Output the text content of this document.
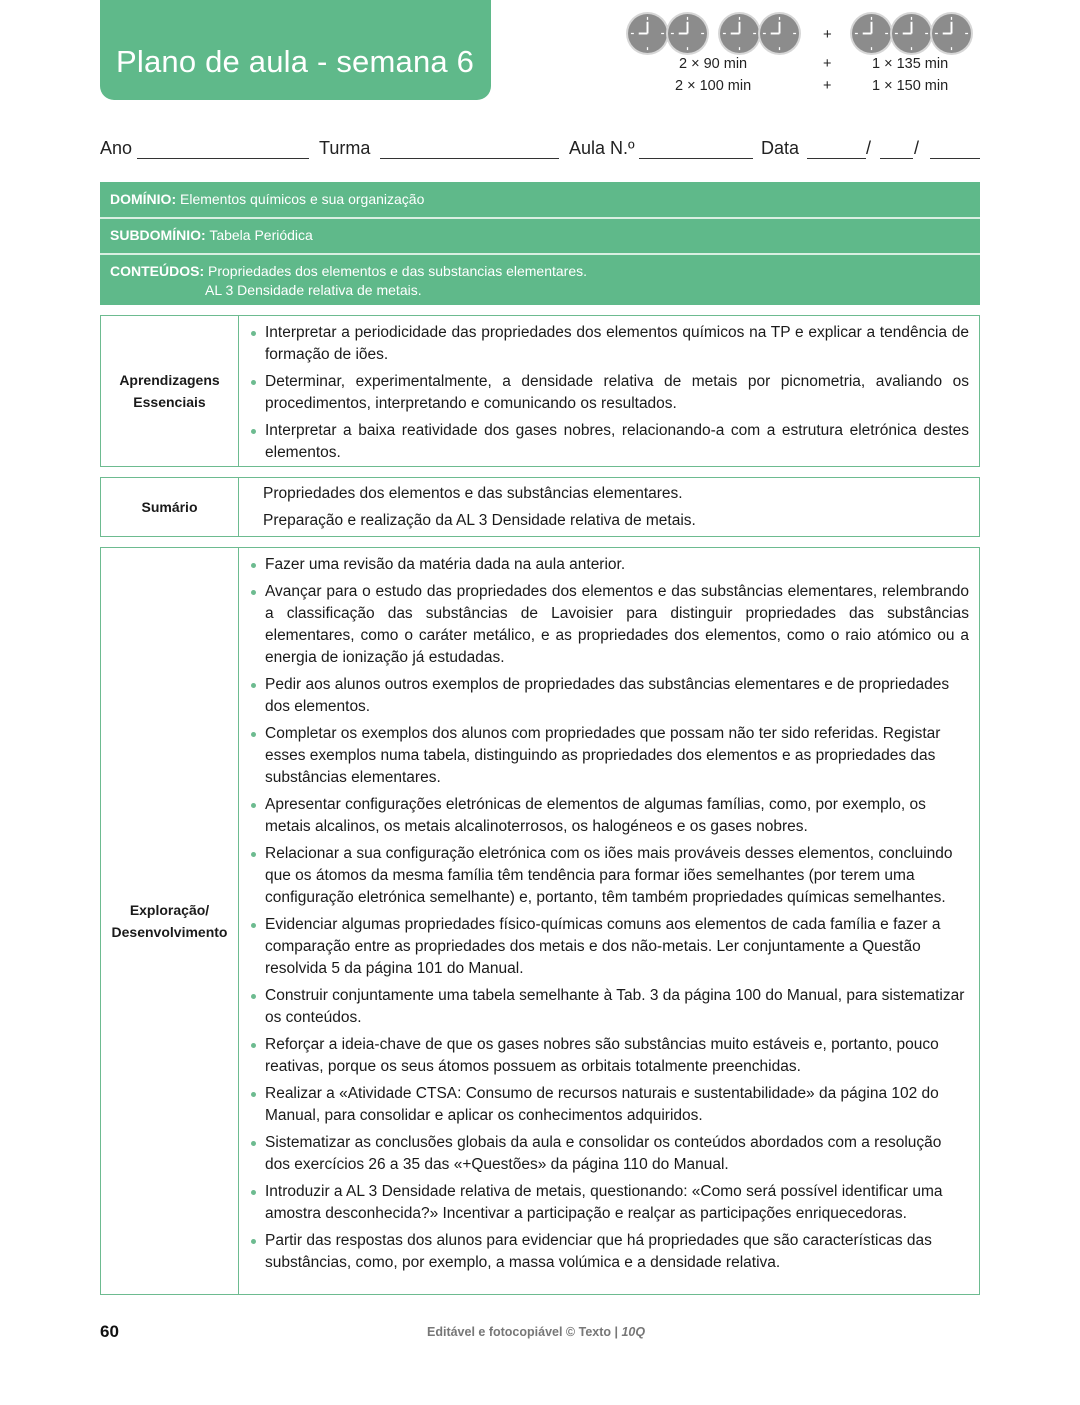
Plano de aula - semana 6
+
2 × 90 min	+	1 × 135 min
2 × 100 min	+	1 × 150 min
Ano	Turma	Aula N.º	Data	/ /
DOMÍNIO: Elementos químicos e sua organização
SUBDOMÍNIO: Tabela Periódica
CONTEÚDOS: Propriedades dos elementos e das substancias elementares.
AL 3 Densidade relativa de metais.
Aprendizagens
Essenciais
Interpretar a periodicidade das propriedades dos elementos químicos na TP e explicar a tendência de formação de iões.
Determinar, experimentalmente, a densidade relativa de metais por picnometria, avaliando os procedimentos, interpretando e comunicando os resultados.
Interpretar a baixa reatividade dos gases nobres, relacionando-a com a estrutura eletrónica destes elementos.
Sumário
Propriedades dos elementos e das substâncias elementares.
Preparação e realização da AL 3 Densidade relativa de metais.
Exploração/
Desenvolvimento
Fazer uma revisão da matéria dada na aula anterior.
Avançar para o estudo das propriedades dos elementos e das substâncias elementares, relembrando a classificação das substâncias de Lavoisier para distinguir propriedades das substâncias elementares, como o caráter metálico, e as propriedades dos elementos, como o raio atómico ou a energia de ionização já estudadas.
Pedir aos alunos outros exemplos de propriedades das substâncias elementares e de propriedades dos elementos.
Completar os exemplos dos alunos com propriedades que possam não ter sido referidas. Registar esses exemplos numa tabela, distinguindo as propriedades dos elementos e as propriedades das substâncias elementares.
Apresentar configurações eletrónicas de elementos de algumas famílias, como, por exemplo, os metais alcalinos, os metais alcalinoterrosos, os halogéneos e os gases nobres.
Relacionar a sua configuração eletrónica com os iões mais prováveis desses elementos, concluindo que os átomos da mesma família têm tendência para formar iões semelhantes (por terem uma configuração eletrónica semelhante) e, portanto, têm também propriedades químicas semelhantes.
Evidenciar algumas propriedades físico-químicas comuns aos elementos de cada família e fazer a comparação entre as propriedades dos metais e dos não-metais. Ler conjuntamente a Questão resolvida 5 da página 101 do Manual.
Construir conjuntamente uma tabela semelhante à Tab. 3 da página 100 do Manual, para sistematizar os conteúdos.
Reforçar a ideia-chave de que os gases nobres são substâncias muito estáveis e, portanto, pouco reativas, porque os seus átomos possuem as orbitais totalmente preenchidas.
Realizar a «Atividade CTSA: Consumo de recursos naturais e sustentabilidade» da página 102 do Manual, para consolidar e aplicar os conhecimentos adquiridos.
Sistematizar as conclusões globais da aula e consolidar os conteúdos abordados com a resolução dos exercícios 26 a 35 das «+Questões» da página 110 do Manual.
Introduzir a AL 3 Densidade relativa de metais, questionando: «Como será possível identificar uma amostra desconhecida?» Incentivar a participação e realçar as participações enriquecedoras.
Partir das respostas dos alunos para evidenciar que há propriedades que são características das substâncias, como, por exemplo, a massa volúmica e a densidade relativa.
60	Editável e fotocopiável © Texto | 10Q
